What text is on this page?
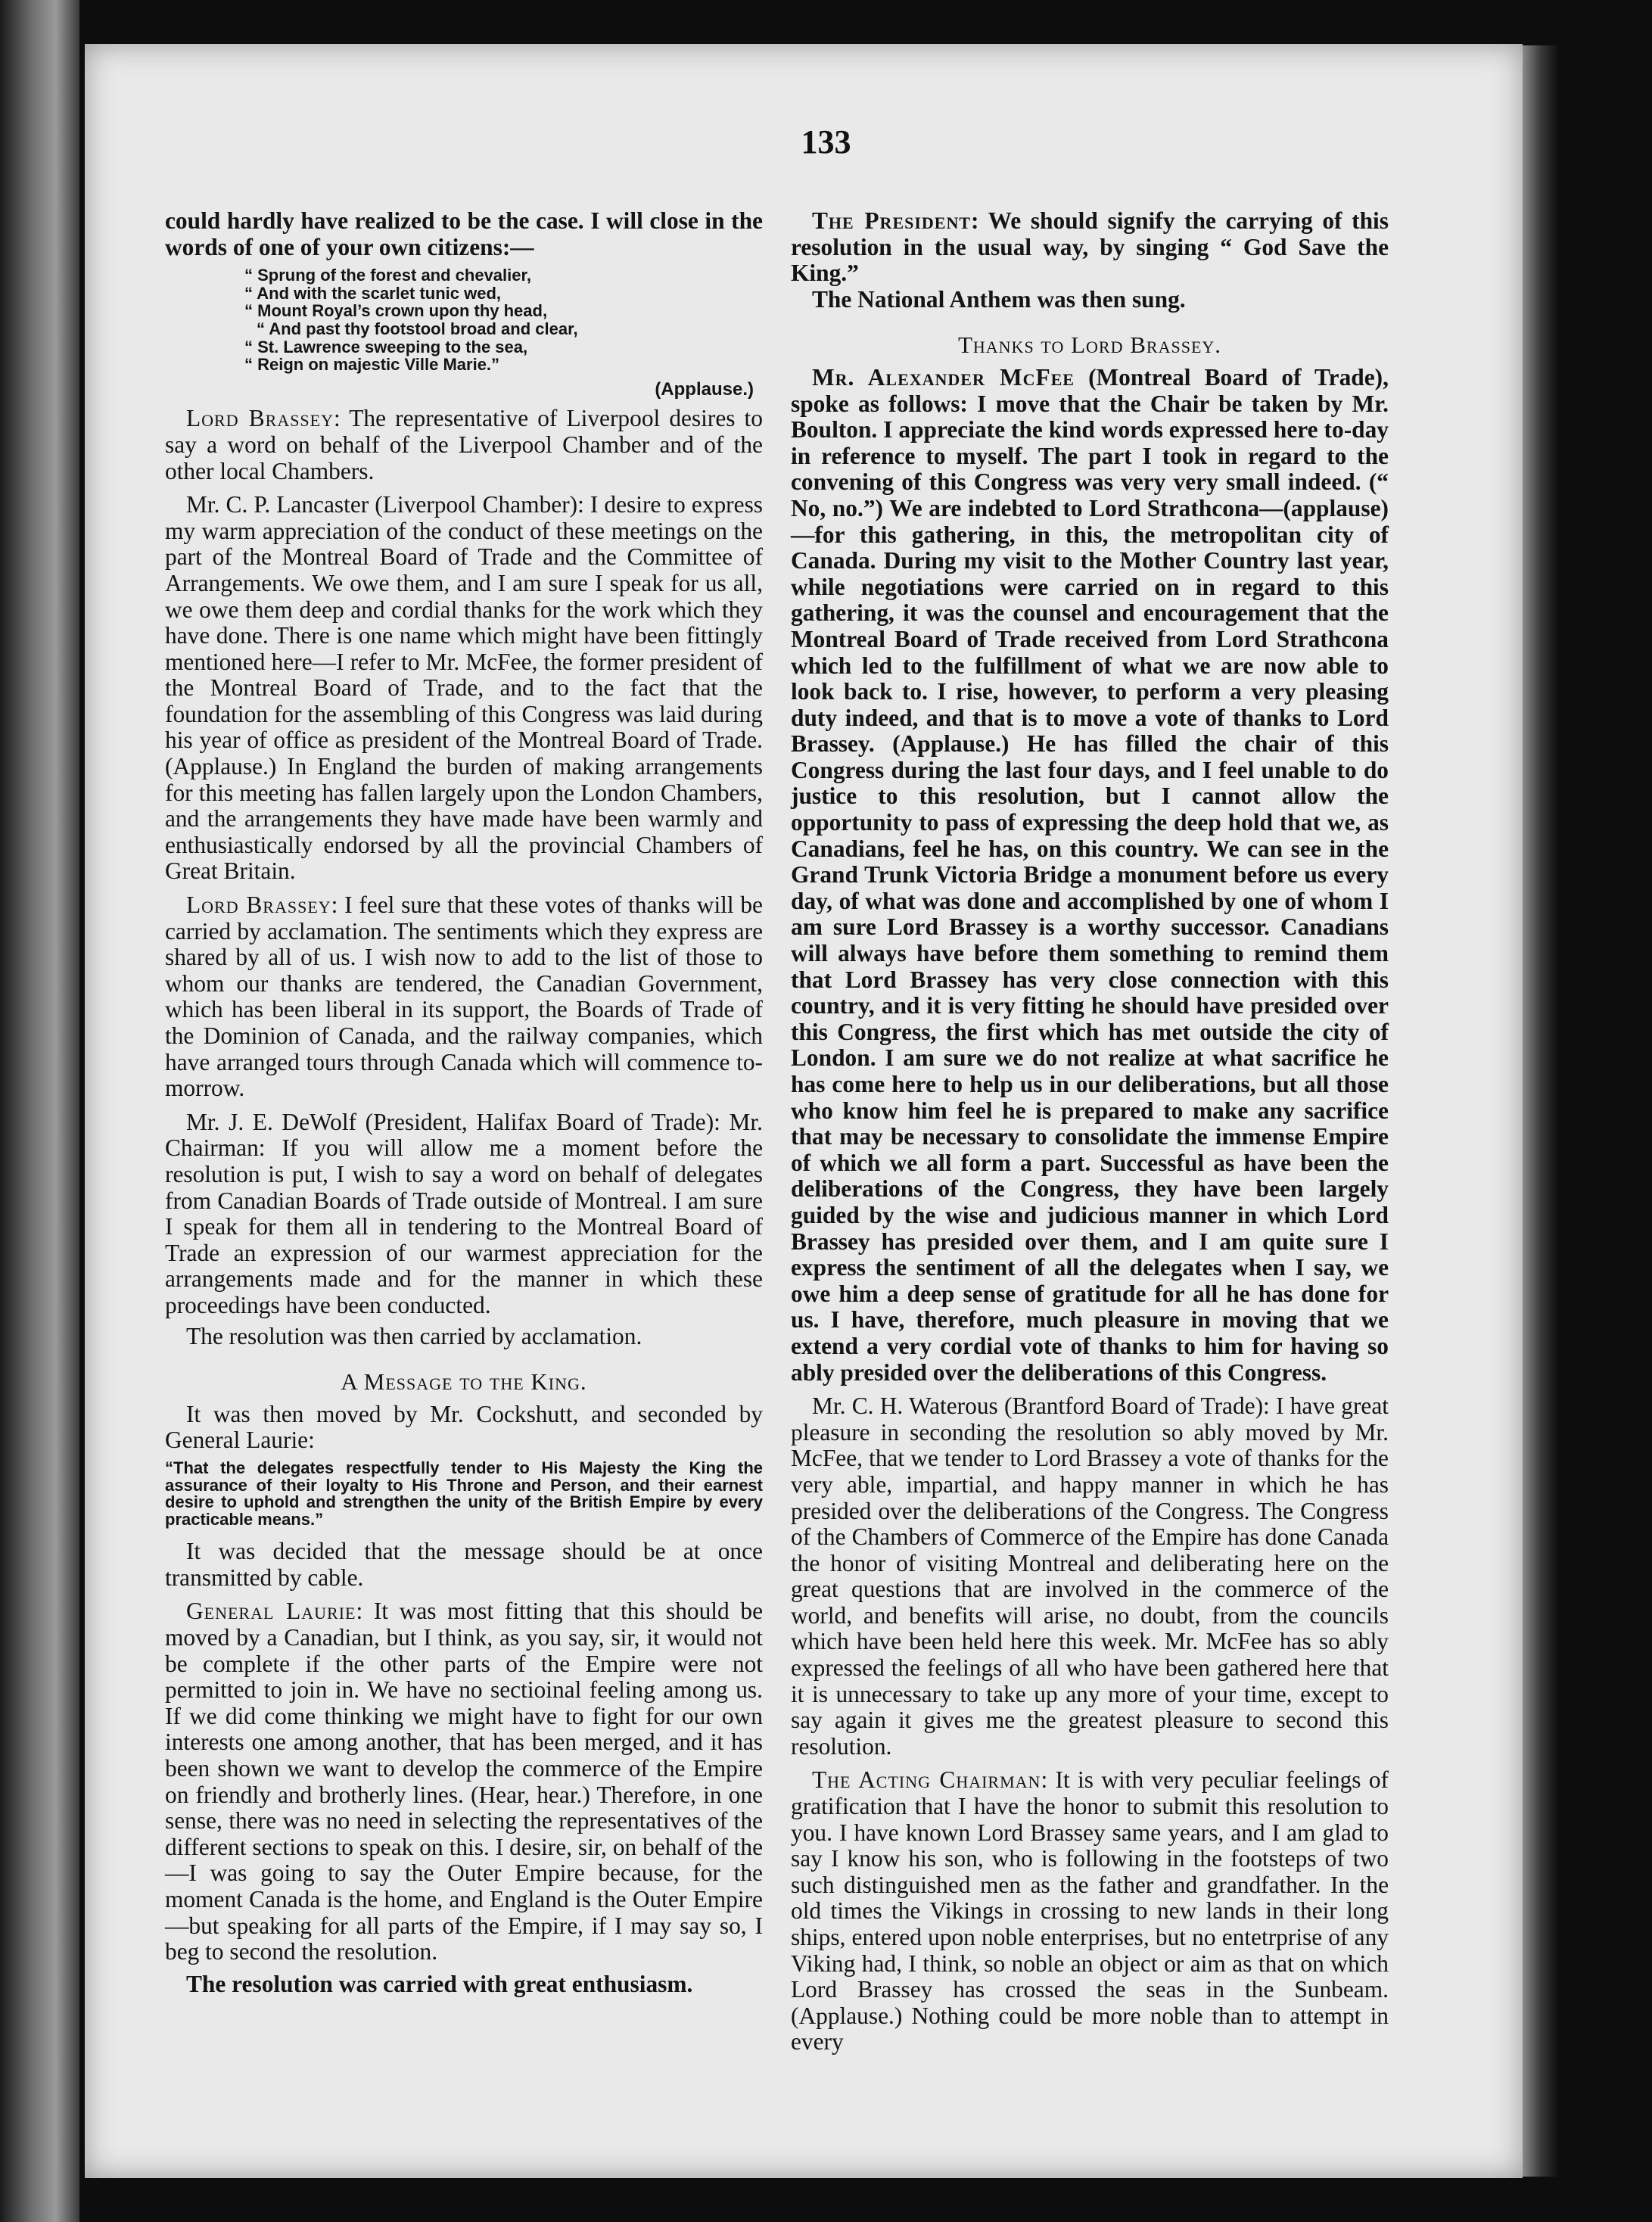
133

could hardly have realized to be the case. I will close in the words of one of your own citizens:—

“ Sprung of the forest and chevalier,
“ And with the scarlet tunic wed,
“ Mount Royal’s crown upon thy head,
“ And past thy footstool broad and clear,
“ St. Lawrence sweeping to the sea,
“ Reign on majestic Ville Marie.”
(Applause.)

Lord Brassey: The representative of Liverpool desires to say a word on behalf of the Liverpool Chamber and of the other local Chambers.

Mr. C. P. Lancaster (Liverpool Chamber): I desire to express my warm appreciation of the conduct of these meetings on the part of the Montreal Board of Trade and the Committee of Arrangements. We owe them, and I am sure I speak for us all, we owe them deep and cordial thanks for the work which they have done. There is one name which might have been fittingly mentioned here—I refer to Mr. McFee, the former president of the Montreal Board of Trade, and to the fact that the foundation for the assembling of this Congress was laid during his year of office as president of the Montreal Board of Trade. (Applause.) In England the burden of making arrangements for this meeting has fallen largely upon the London Chambers, and the arrangements they have made have been warmly and enthusiastically endorsed by all the provincial Chambers of Great Britain.

Lord Brassey: I feel sure that these votes of thanks will be carried by acclamation. The sentiments which they express are shared by all of us. I wish now to add to the list of those to whom our thanks are tendered, the Canadian Government, which has been liberal in its support, the Boards of Trade of the Dominion of Canada, and the railway companies, which have arranged tours through Canada which will commence to-morrow.

Mr. J. E. DeWolf (President, Halifax Board of Trade): Mr. Chairman: If you will allow me a moment before the resolution is put, I wish to say a word on behalf of delegates from Canadian Boards of Trade outside of Montreal. I am sure I speak for them all in tendering to the Montreal Board of Trade an expression of our warmest appreciation for the arrangements made and for the manner in which these proceedings have been conducted.

The resolution was then carried by acclamation.

A Message to the King.

It was then moved by Mr. Cockshutt, and seconded by General Laurie:

“That the delegates respectfully tender to His Majesty the King the assurance of their loyalty to His Throne and Person, and their earnest desire to uphold and strengthen the unity of the British Empire by every practicable means.”

It was decided that the message should be at once transmitted by cable.

General Laurie: It was most fitting that this should be moved by a Canadian, but I think, as you say, sir, it would not be complete if the other parts of the Empire were not permitted to join in. We have no sectioinal feeling among us. If we did come thinking we might have to fight for our own interests one among another, that has been merged, and it has been shown we want to develop the commerce of the Empire on friendly and brotherly lines. (Hear, hear.) Therefore, in one sense, there was no need in selecting the representatives of the different sections to speak on this. I desire, sir, on behalf of the—I was going to say the Outer Empire because, for the moment Canada is the home, and England is the Outer Empire—but speaking for all parts of the Empire, if I may say so, I beg to second the resolution.

The resolution was carried with great enthusiasm.

The President: We should signify the carrying of this resolution in the usual way, by singing “ God Save the King.”

The National Anthem was then sung.

Thanks to Lord Brassey.

Mr. Alexander McFee (Montreal Board of Trade), spoke as follows: I move that the Chair be taken by Mr. Boulton. I appreciate the kind words expressed here to-day in reference to myself. The part I took in regard to the convening of this Congress was very very small indeed. (“ No, no.”) We are indebted to Lord Strathcona—(applause)—for this gathering, in this, the metropolitan city of Canada. During my visit to the Mother Country last year, while negotiations were carried on in regard to this gathering, it was the counsel and encouragement that the Montreal Board of Trade received from Lord Strathcona which led to the fulfillment of what we are now able to look back to. I rise, however, to perform a very pleasing duty indeed, and that is to move a vote of thanks to Lord Brassey. (Applause.) He has filled the chair of this Congress during the last four days, and I feel unable to do justice to this resolution, but I cannot allow the opportunity to pass of expressing the deep hold that we, as Canadians, feel he has, on this country. We can see in the Grand Trunk Victoria Bridge a monument before us every day, of what was done and accomplished by one of whom I am sure Lord Brassey is a worthy successor. Canadians will always have before them something to remind them that Lord Brassey has very close connection with this country, and it is very fitting he should have presided over this Congress, the first which has met outside the city of London. I am sure we do not realize at what sacrifice he has come here to help us in our deliberations, but all those who know him feel he is prepared to make any sacrifice that may be necessary to consolidate the immense Empire of which we all form a part. Successful as have been the deliberations of the Congress, they have been largely guided by the wise and judicious manner in which Lord Brassey has presided over them, and I am quite sure I express the sentiment of all the delegates when I say, we owe him a deep sense of gratitude for all he has done for us. I have, therefore, much pleasure in moving that we extend a very cordial vote of thanks to him for having so ably presided over the deliberations of this Congress.

Mr. C. H. Waterous (Brantford Board of Trade): I have great pleasure in seconding the resolution so ably moved by Mr. McFee, that we tender to Lord Brassey a vote of thanks for the very able, impartial, and happy manner in which he has presided over the deliberations of the Congress. The Congress of the Chambers of Commerce of the Empire has done Canada the honor of visiting Montreal and deliberating here on the great questions that are involved in the commerce of the world, and benefits will arise, no doubt, from the councils which have been held here this week. Mr. McFee has so ably expressed the feelings of all who have been gathered here that it is unnecessary to take up any more of your time, except to say again it gives me the greatest pleasure to second this resolution.

The Acting Chairman: It is with very peculiar feelings of gratification that I have the honor to submit this resolution to you. I have known Lord Brassey same years, and I am glad to say I know his son, who is following in the footsteps of two such distinguished men as the father and grandfather. In the old times the Vikings in crossing to new lands in their long ships, entered upon noble enterprises, but no entetrprise of any Viking had, I think, so noble an object or aim as that on which Lord Brassey has crossed the seas in the Sunbeam. (Applause.) Nothing could be more noble than to attempt in every
